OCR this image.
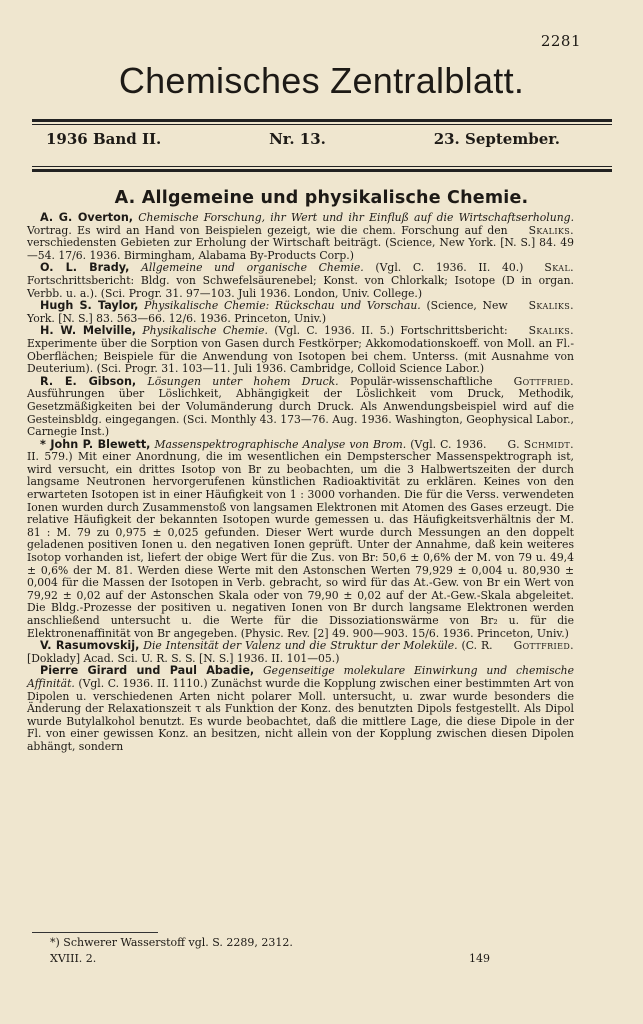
2281
Chemisches Zentralblatt.
1936 Band II.	Nr. 13.	23. September.
A. Allgemeine und physikalische Chemie.

A. G. Overton, Chemische Forschung, ihr Wert und ihr Einfluß auf die Wirtschaftserholung.
Skaliks.
Vortrag. Es wird an Hand von Beispielen gezeigt, wie die chem. Forschung auf den verschiedensten Gebieten zur Erholung der Wirtschaft beiträgt. (Science, New York. [N. S.] 84. 49—54. 17/6. 1936. Birmingham, Alabama By-Products Corp.)

O. L. Brady, Allgemeine und organische Chemie.	Skal.
(Vgl. C. 1936. II. 40.) Fortschrittsbericht: Bldg. von Schwefelsäurenebel; Konst. von Chlorkalk; Isotope (D in organ. Verbb. u. a.). (Sci. Progr. 31. 97—103. Juli 1936. London, Univ. College.)

Hugh S. Taylor, Physikalische Chemie: Rückschau und Vorschau.	Skaliks.
(Science, New York. [N. S.] 83. 563—66. 12/6. 1936. Princeton, Univ.)

H. W. Melville, Physikalische Chemie.	Skaliks.
(Vgl. C. 1936. II. 5.) Fortschrittsbericht: Experimente über die Sorption von Gasen durch Festkörper; Akkomodationskoeff. von Moll. an Fl.-Oberflächen; Beispiele für die Anwendung von Isotopen bei chem. Unterss. (mit Ausnahme von Deuterium). (Sci. Progr. 31. 103—11. Juli 1936. Cambridge, Colloid Science Labor.)

R. E. Gibson, Lösungen unter hohem Druck.	Gottfried.
Populär-wissenschaftliche Ausführungen über Löslichkeit, Abhängigkeit der Löslichkeit vom Druck, Methodik, Gesetzmäßigkeiten bei der Volumänderung durch Druck. Als Anwendungsbeispiel wird auf die Gesteinsbldg. eingegangen. (Sci. Monthly 43. 173—76. Aug. 1936. Washington, Geophysical Labor., Carnegie Inst.)

* John P. Blewett, Massenspektrographische Analyse von Brom.	G. Schmidt.
(Vgl. C. 1936. II. 579.) Mit einer Anordnung, die im wesentlichen ein Dempsterscher Massenspektrograph ist, wird versucht, ein drittes Isotop von Br zu beobachten, um die 3 Halbwertszeiten der durch langsame Neutronen hervorgerufenen künstlichen Radioaktivität zu erklären. Keines von den erwarteten Isotopen ist in einer Häufigkeit von 1 : 3000 vorhanden. Die für die Verss. verwendeten Ionen wurden durch Zusammenstoß von langsamen Elektronen mit Atomen des Gases erzeugt. Die relative Häufigkeit der bekannten Isotopen wurde gemessen u. das Häufigkeitsverhältnis der M. 81 : M. 79 zu 0,975 ± 0,025 gefunden. Dieser Wert wurde durch Messungen an den doppelt geladenen positiven Ionen u. den negativen Ionen geprüft. Unter der Annahme, daß kein weiteres Isotop vorhanden ist, liefert der obige Wert für die Zus. von Br: 50,6 ± 0,6% der M. von 79 u. 49,4 ± 0,6% der M. 81. Werden diese Werte mit den Astonschen Werten 79,929 ± 0,004 u. 80,930 ± 0,004 für die Massen der Isotopen in Verb. gebracht, so wird für das At.-Gew. von Br ein Wert von 79,92 ± 0,02 auf der Astonschen Skala oder von 79,90 ± 0,02 auf der At.-Gew.-Skala abgeleitet. Die Bldg.-Prozesse der positiven u. negativen Ionen von Br durch langsame Elektronen werden anschließend untersucht u. die Werte für die Dissoziationswärme von Br₂ u. für die Elektronenaffinität von Br angegeben. (Physic. Rev. [2] 49. 900—903. 15/6. 1936. Princeton, Univ.)

V. Rasumovskij, Die Intensität der Valenz und die Struktur der Moleküle.	Gottfried.
(C. R. [Doklady] Acad. Sci. U. R. S. S. [N. S.] 1936. II. 101—05.)

Pierre Girard und Paul Abadie, Gegenseitige molekulare Einwirkung und chemische Affinität. (Vgl. C. 1936. II. 1110.) Zunächst wurde die Kopplung zwischen einer bestimmten Art von Dipolen u. verschiedenen Arten nicht polarer Moll. untersucht, u. zwar wurde besonders die Änderung der Relaxationszeit τ als Funktion der Konz. des benutzten Dipols festgestellt. Als Dipol wurde Butylalkohol benutzt. Es wurde beobachtet, daß die mittlere Lage, die diese Dipole in der Fl. von einer gewissen Konz. an besitzen, nicht allein von der Kopplung zwischen diesen Dipolen abhängt, sondern

*) Schwerer Wasserstoff vgl. S. 2289, 2312.
XVIII. 2.	149
